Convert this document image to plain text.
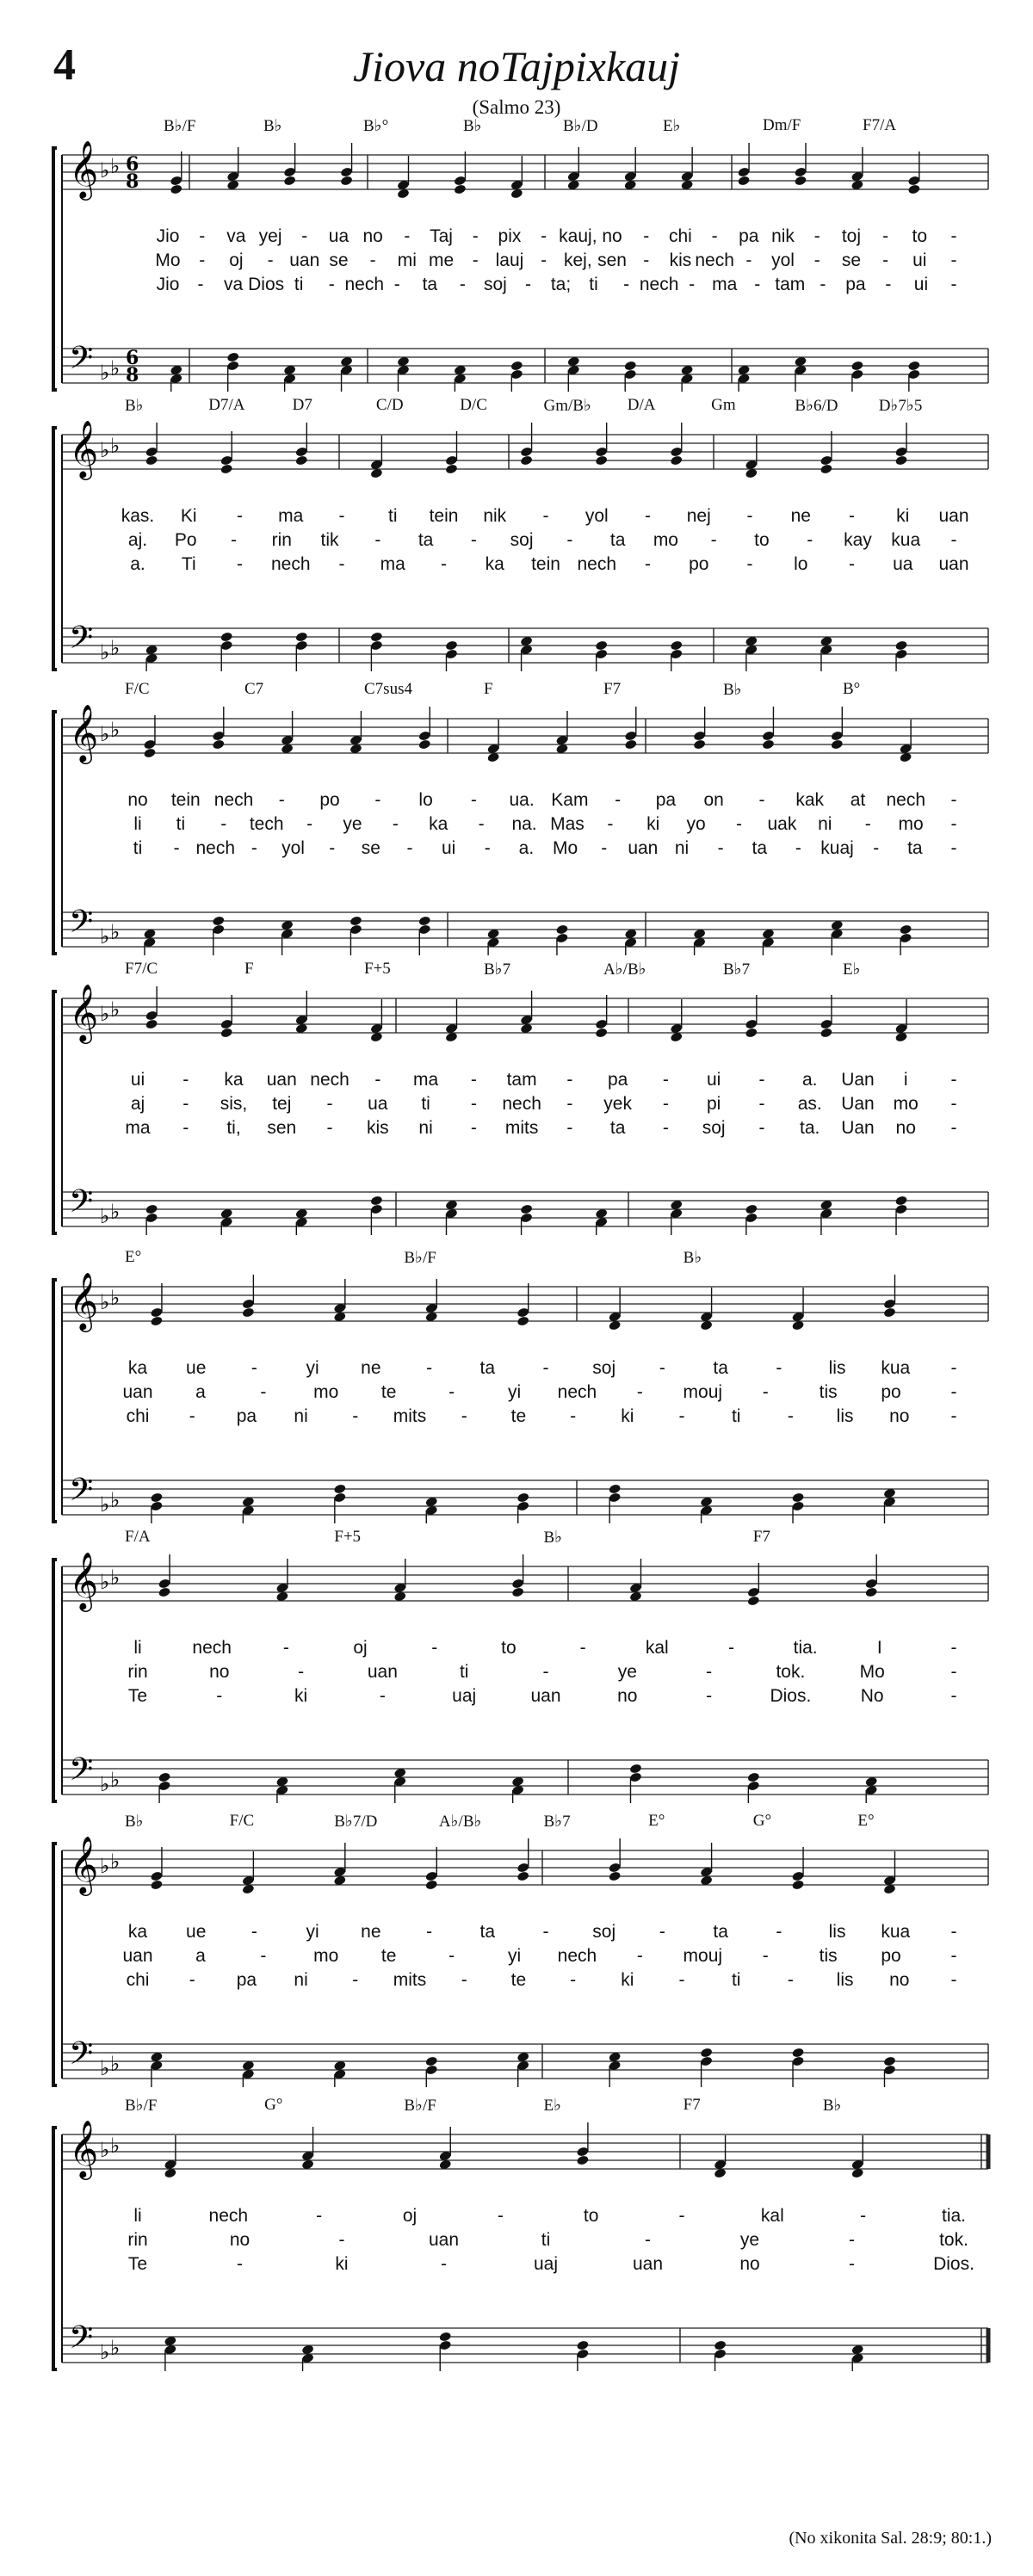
4	Jiova noTajpixkauj
(Salmo 23)
B♭/F	B♭	B♭°	B♭	B♭/D	E♭	Dm/F	F7/A
𝄞
𝄢
♭ ♭
♭ ♭
6
6
8
8
Jio - va yej - ua no - Taj - pix - kauj, no - chi - pa nik - toj - to -
Mo - oj - uan se - mi me - lauj - kej, sen - kis nech - yol - se - ui -
Jio - va Dios ti - nech - ta - soj - ta; ti - nech - ma - tam - pa - ui -
B♭	D7/A	D7	C/D	D/C	Gm/B♭ D/A	Gm	B♭6/D D♭7♭5
𝄞
𝄢
♭ ♭
♭ ♭
kas. Ki - ma - ti tein nik - yol - nej - ne - ki uan
aj. Po - rin tik - ta - soj - ta mo - to - kay kua -
a. Ti - nech - ma - ka tein nech - po - lo - ua uan
F/C	C7	C7sus4	F	F7	B♭	B°
𝄞
𝄢
♭ ♭
♭ ♭
no tein nech - po - lo - ua. Kam - pa on - kak at nech -
li ti - tech - ye - ka - na. Mas - ki yo - uak ni - mo -
ti - nech - yol - se - ui - a. Mo - uan ni - ta - kuaj - ta -
F7/C	F	F+5	B♭7	A♭/B♭	B♭7	E♭
𝄞
𝄢
♭ ♭
♭ ♭
ui - ka uan nech - ma - tam - pa - ui - a. Uan i -
aj - sis, tej - ua ti - nech - yek - pi - as. Uan mo -
ma - ti, sen - kis ni - mits - ta - soj - ta. Uan no -
E°	B♭/F	B♭
𝄞
𝄢
♭ ♭
♭ ♭
ka ue	-	yi ne	-	ta	- soj -	ta	-	lis kua -
uan a	-	mo te	-	yi nech - mouj -	tis po	-
chi - pa ni - mits - te - ki -	ti	- lis no -
F/A	F+5	B♭	F7
𝄞
𝄢
♭ ♭
♭ ♭
li	nech	-	oj	-	to	-	kal	-	tia.	I	-
rin	no	-	uan	ti	-	ye	-	tok.	Mo	-
Te	-	ki	-	uaj	uan	no	-	Dios.	No	-
B♭	F/C	B♭7/D	A♭/B♭	B♭7	E°	G°	E°
𝄞
𝄢
♭ ♭
♭ ♭
ka ue	-	yi ne	-	ta	- soj -	ta	-	lis kua -
uan a	-	mo te	-	yi nech - mouj -	tis po	-
chi - pa ni - mits - te - ki -	ti	- lis no -
B♭/F	G°	B♭/F	E♭	F7	B♭
𝄞
𝄢
♭ ♭
♭ ♭
li	nech	-	oj	-	to	-	kal	-	tia.
rin	no	-	uan	ti	-	ye	-	tok.
Te	-	ki	-	uaj	uan	no	-	Dios.
(No xikonita Sal. 28:9; 80:1.)
